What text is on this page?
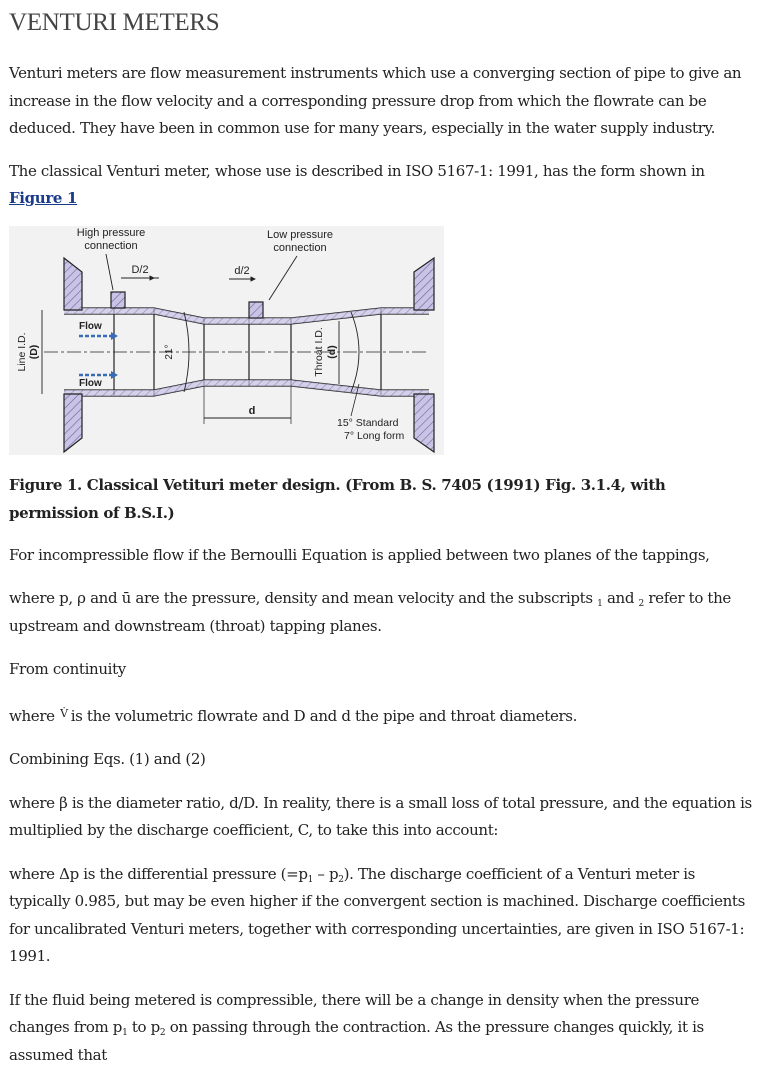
VENTURI METERS

Venturi meters are flow measurement instruments which use a converging section of pipe to give an increase in the flow velocity and a corresponding pressure drop from which the flowrate can be deduced. They have been in common use for many years, especially in the water supply industry.

The classical Venturi meter, whose use is described in ISO 5167-1: 1991, has the form shown in
Figure 1

High pressure
connection
Low pressure
connection
D/2	d/2
Flow
Flow
Line I.D. (D)	21°	Throat I.D. (d)
d
15° Standard
7° Long form

Figure 1. Classical Vetituri meter design. (From B. S. 7405 (1991) Fig. 3.1.4, with permission of B.S.I.)

For incompressible flow if the Bernoulli Equation is applied between two planes of the tappings,

where p, ρ and ū are the pressure, density and mean velocity and the subscripts $_1$ and $_2$ refer to the upstream and downstream (throat) tapping planes.

From continuity

where V̇ is the volumetric flowrate and D and d the pipe and throat diameters.

Combining Eqs. (1) and (2)

where β is the diameter ratio, d/D. In reality, there is a small loss of total pressure, and the equation is multiplied by the discharge coefficient, C, to take this into account:

where Δp is the differential pressure $(=p_1 - p_2)$. The discharge coefficient of a Venturi meter is typically 0.985, but may be even higher if the convergent section is machined. Discharge coefficients for uncalibrated Venturi meters, together with corresponding uncertainties, are given in ISO 5167-1: 1991.

If the fluid being metered is compressible, there will be a change in density when the pressure changes from $p_1$ to $p_2$ on passing through the contraction. As the pressure changes quickly, it is assumed that
